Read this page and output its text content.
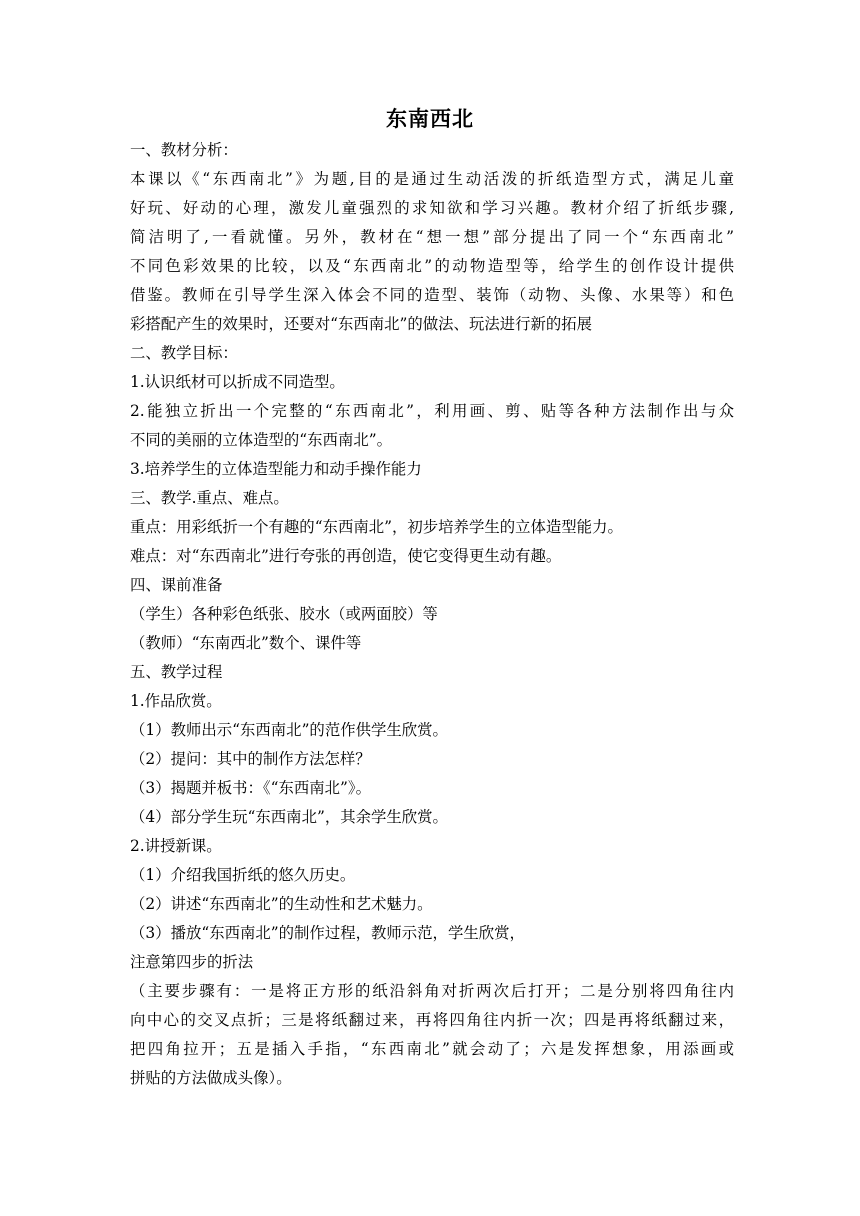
东南西北
一、教材分析：
本课以《“东西南北”》为题,目的是通过生动活泼的折纸造型方式，满足儿童
好玩、好动的心理，激发儿童强烈的求知欲和学习兴趣。教材介绍了折纸步骤,
简洁明了,一看就懂。另外，教材在“想一想”部分提出了同一个“东西南北”
不同色彩效果的比较，以及“东西南北”的动物造型等，给学生的创作设计提供
借鉴。教师在引导学生深入体会不同的造型、装饰（动物、头像、水果等）和色
彩搭配产生的效果时，还要对“东西南北”的做法、玩法进行新的拓展
二、教学目标：
1.认识纸材可以折成不同造型。
2.能独立折出一个完整的“东西南北”，利用画、剪、贴等各种方法制作出与众
不同的美丽的立体造型的“东西南北”。
3.培养学生的立体造型能力和动手操作能力
三、教学.重点、难点。
重点：用彩纸折一个有趣的“东西南北”，初步培养学生的立体造型能力。
难点：对“东西南北”进行夸张的再创造，使它变得更生动有趣。
四、课前准备
（学生）各种彩色纸张、胶水（或两面胶）等
（教师）“东南西北”数个、课件等
五、教学过程
1.作品欣赏。
（1）教师出示“东西南北”的范作供学生欣赏。
（2）提问：其中的制作方法怎样？
（3）揭题并板书：《“东西南北”》。
（4）部分学生玩“东西南北”，其余学生欣赏。
2.讲授新课。
（1）介绍我国折纸的悠久历史。
（2）讲述“东西南北”的生动性和艺术魅力。
（3）播放“东西南北”的制作过程，教师示范，学生欣赏，
注意第四步的折法
（主要步骤有：一是将正方形的纸沿斜角对折两次后打开；二是分别将四角往内
向中心的交叉点折；三是将纸翻过来，再将四角往内折一次；四是再将纸翻过来，
把四角拉开；五是插入手指，“东西南北”就会动了；六是发挥想象，用添画或
拼贴的方法做成头像）。
